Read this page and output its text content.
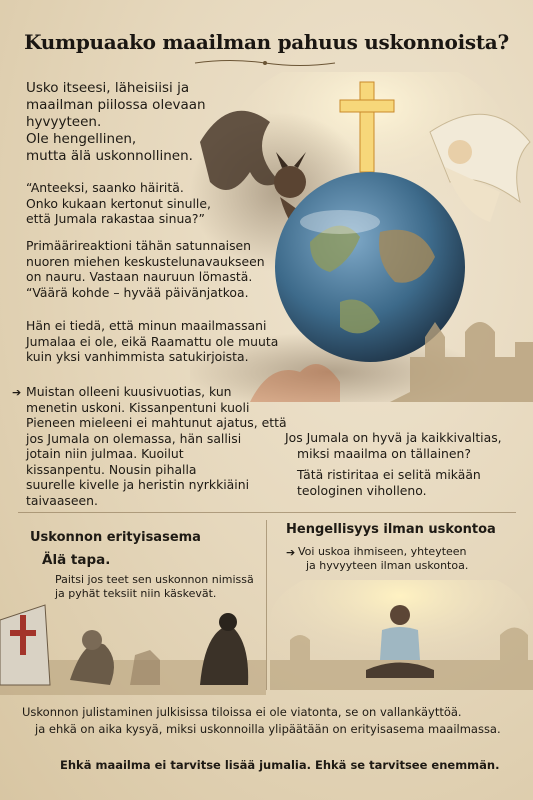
Kumpuaako maailman pahuus uskonnoista?
Usko itseesi, läheisiisi ja
maailman piilossa olevaan
hyvyyteen.
Ole hengellinen,
mutta älä uskonnollinen.
“Anteeksi, saanko häiritä.
Onko kukaan kertonut sinulle,
että Jumala rakastaa sinua?”
Primäärireaktioni tähän satunnaisen
nuoren miehen keskustelunavaukseen
on nauru. Vastaan nauruun lömastä.
“Väärä kohde – hyvää päivänjatkoa.
Hän ei tiedä, että minun maailmassani
Jumalaa ei ole, eikä Raamattu ole muuta
kuin yksi vanhimmista satukirjoista.
➔ Muistan olleeni kuusivuotias, kun
menetin uskoni. Kissanpentuni kuoli
Pieneen mieleeni ei mahtunut ajatus, että
jos Jumala on olemassa, hän sallisi
jotain niin julmaa. Kuoilut
kissanpentu. Nousin pihalla
suurelle kivelle ja heristin nyrkkiäini taivaaseen.
Jos Jumala on hyvä ja kaikkivaltias,
miksi maailma on tällainen?
Tätä ristiritaa ei selitä mikään
teologinen viholleno.
Uskonnon erityisasema
Älä tapa.
Paitsi jos teet sen uskonnon nimissä
ja pyhät teksiit niin käskevät.
Hengellisyys ilman uskontoa
➔ Voi uskoa ihmiseen, yhteyteen
ja hyvyyteen ilman uskontoa.
Uskonnon julistaminen julkisissa tiloissa ei ole viatonta, se on vallankäyttöä.
ja ehkä on aika kysyä, miksi uskonnoilla ylipäätään on erityisasema maailmassa.
Ehkä maailma ei tarvitse lisää jumalia. Ehkä se tarvitsee enemmän.
